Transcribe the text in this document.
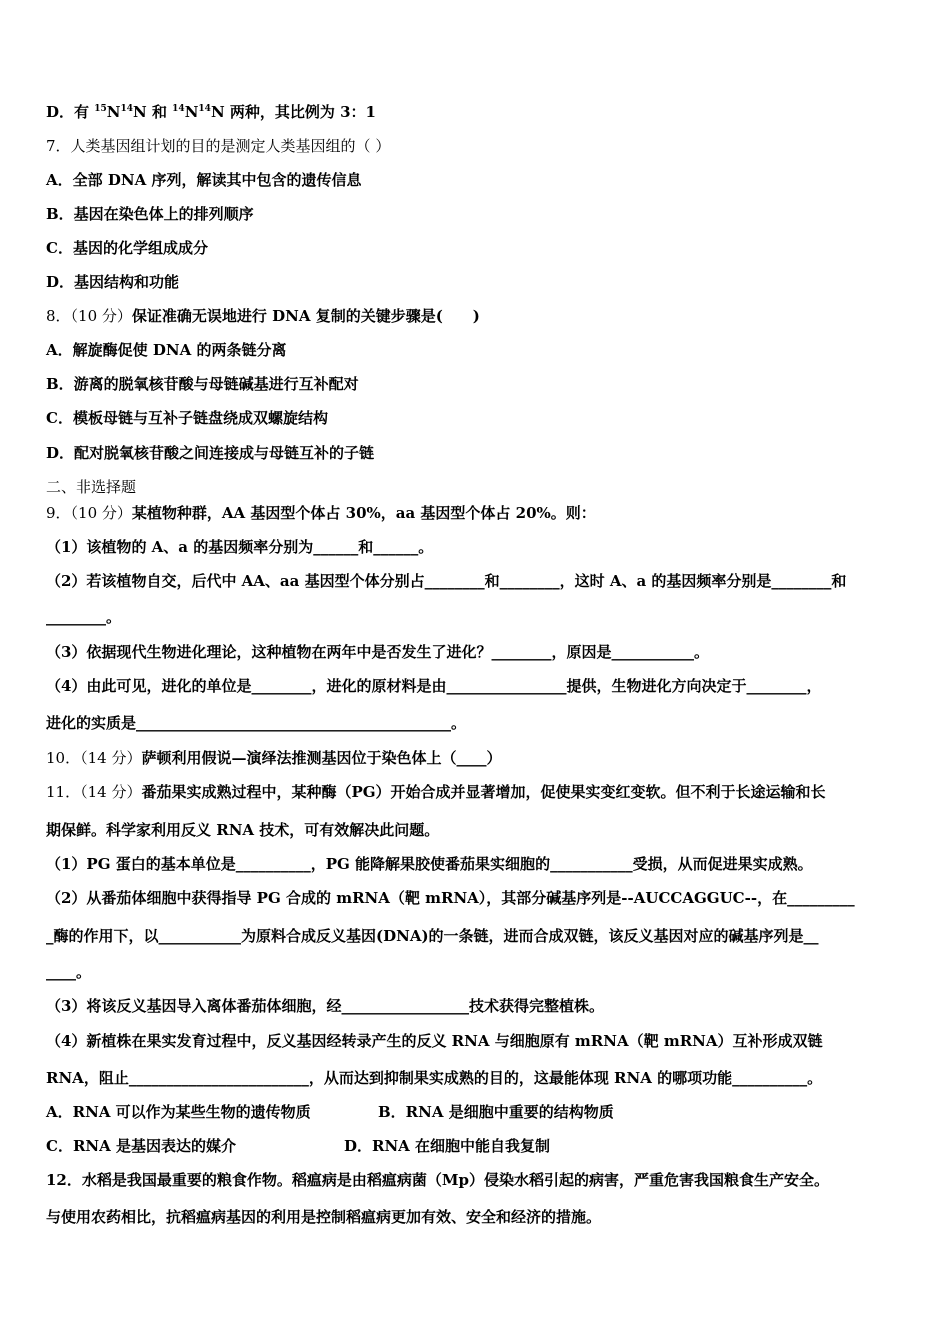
D．有 $^{15}N^{14}N$ 和 $^{14}N^{14}N$ 两种，其比例为 3：1
7．人类基因组计划的目的是测定人类基因组的（ ）
A．全部 DNA 序列，解读其中包含的遗传信息
B．基因在染色体上的排列顺序
C．基因的化学组成成分
D．基因结构和功能
8．（10 分）保证准确无误地进行 DNA 复制的关键步骤是(　　)
A．解旋酶促使 DNA 的两条链分离
B．游离的脱氧核苷酸与母链碱基进行互补配对
C．模板母链与互补子链盘绕成双螺旋结构
D．配对脱氧核苷酸之间连接成与母链互补的子链
二、非选择题
9．（10 分）某植物种群，AA 基因型个体占 30%，aa 基因型个体占 20%。则：
（1）该植物的 A、a 的基因频率分别为______和______。
（2）若该植物自交，后代中 AA、aa 基因型个体分别占________和________，这时 A、a 的基因频率分别是________和
________。
（3）依据现代生物进化理论，这种植物在两年中是否发生了进化？________，原因是___________。
（4）由此可见，进化的单位是________，进化的原材料是由________________提供，生物进化方向决定于________，
进化的实质是__________________________________________。
10．（14 分）萨顿利用假说—演绎法推测基因位于染色体上（____）
11．（14 分）番茄果实成熟过程中，某种酶（PG）开始合成并显著增加，促使果实变红变软。但不利于长途运输和长
期保鲜。科学家利用反义 RNA 技术，可有效解决此问题。
（1）PG 蛋白的基本单位是__________，PG 能降解果胶使番茄果实细胞的___________受损，从而促进果实成熟。
（2）从番茄体细胞中获得指导 PG 合成的 mRNA（靶 mRNA），其部分碱基序列是--AUCCAGGUC--，在_________
_酶的作用下，以___________为原料合成反义基因(DNA)的一条链，进而合成双链，该反义基因对应的碱基序列是__
____。
（3）将该反义基因导入离体番茄体细胞，经_________________技术获得完整植株。
（4）新植株在果实发育过程中，反义基因经转录产生的反义 RNA 与细胞原有 mRNA（靶 mRNA）互补形成双链
RNA，阻止________________________，从而达到抑制果实成熟的目的，这最能体现 RNA 的哪项功能__________。
A．RNA 可以作为某些生物的遗传物质	B．RNA 是细胞中重要的结构物质
C．RNA 是基因表达的媒介	D．RNA 在细胞中能自我复制
12．水稻是我国最重要的粮食作物。稻瘟病是由稻瘟病菌（Mp）侵染水稻引起的病害，严重危害我国粮食生产安全。
与使用农药相比，抗稻瘟病基因的利用是控制稻瘟病更加有效、安全和经济的措施。
